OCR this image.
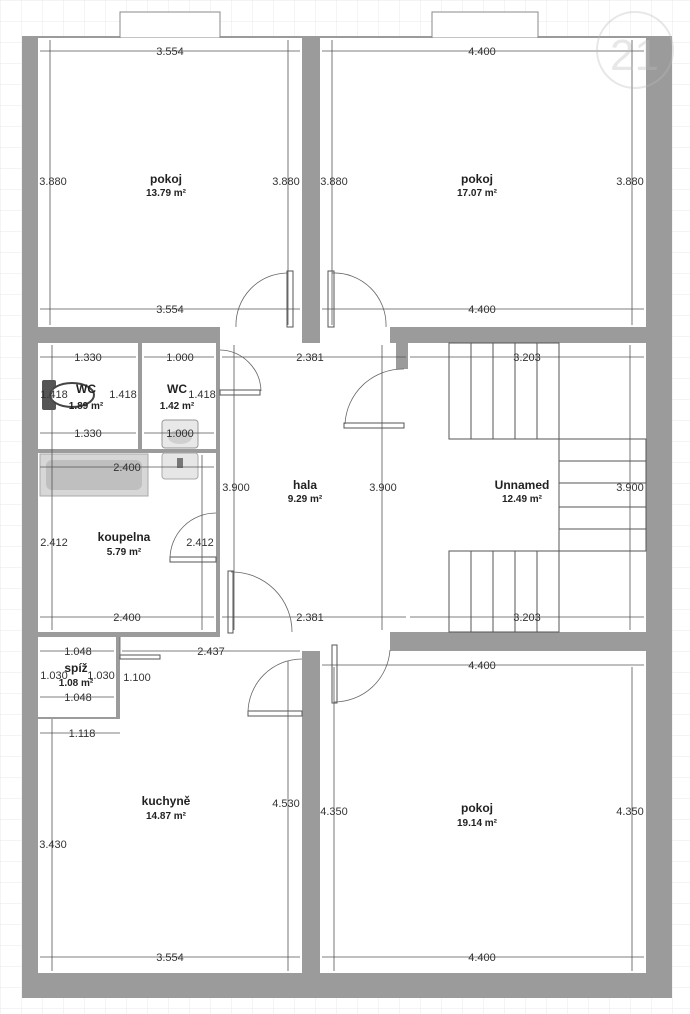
21
pokoj
13.79 m²
pokoj
17.07 m²
WC
1.89 m²
WC
1.42 m²
hala
9.29 m²
Unnamed
12.49 m²
koupelna
5.79 m²
spíž
1.08 m²
kuchyně
14.87 m²
pokoj
19.14 m²
3.554	4.400
3.880	3.880 3.880	3.880
3.554	4.400
1.330	1.000	2.381	3.203
1.418	1.418	1.418
1.330	1.000
2.400
3.900	3.900	3.900
2.412	2.412
2.400	2.381	3.203
1.048	2.437
4.400
1.030 1.030 1.100
1.048
1.118
4.530
4.350	4.350
3.430
3.554	4.400
